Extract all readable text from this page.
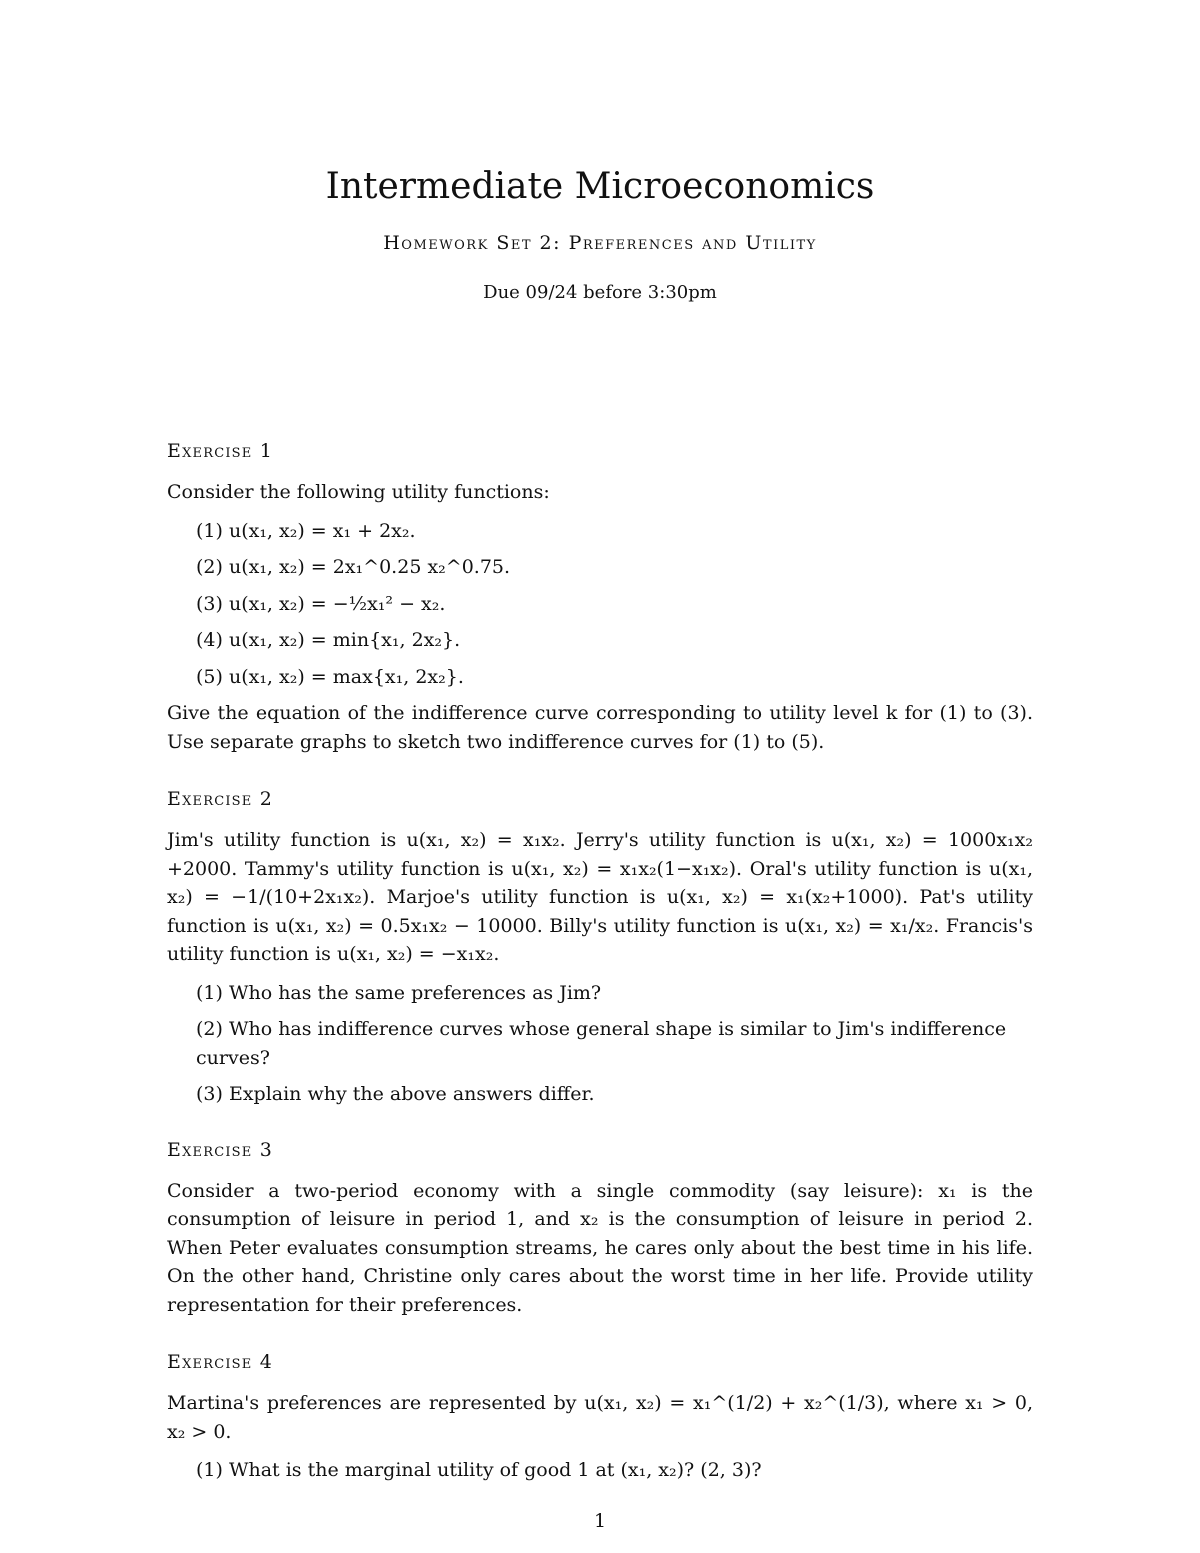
Intermediate Microeconomics
Homework Set 2: Preferences and Utility
Due 09/24 before 3:30pm
Exercise 1
Consider the following utility functions:
(1) u(x₁, x₂) = x₁ + 2x₂.
(2) u(x₁, x₂) = 2x₁^0.25 x₂^0.75.
(3) u(x₁, x₂) = −½x₁² − x₂.
(4) u(x₁, x₂) = min{x₁, 2x₂}.
(5) u(x₁, x₂) = max{x₁, 2x₂}.
Give the equation of the indifference curve corresponding to utility level k for (1) to (3). Use separate graphs to sketch two indifference curves for (1) to (5).
Exercise 2
Jim's utility function is u(x₁, x₂) = x₁x₂. Jerry's utility function is u(x₁, x₂) = 1000x₁x₂ +2000. Tammy's utility function is u(x₁, x₂) = x₁x₂(1−x₁x₂). Oral's utility function is u(x₁, x₂) = −1/(10+2x₁x₂). Marjoe's utility function is u(x₁, x₂) = x₁(x₂+1000). Pat's utility function is u(x₁, x₂) = 0.5x₁x₂ − 10000. Billy's utility function is u(x₁, x₂) = x₁/x₂. Francis's utility function is u(x₁, x₂) = −x₁x₂.
(1) Who has the same preferences as Jim?
(2) Who has indifference curves whose general shape is similar to Jim's indifference curves?
(3) Explain why the above answers differ.
Exercise 3
Consider a two-period economy with a single commodity (say leisure): x₁ is the consumption of leisure in period 1, and x₂ is the consumption of leisure in period 2. When Peter evaluates consumption streams, he cares only about the best time in his life. On the other hand, Christine only cares about the worst time in her life. Provide utility representation for their preferences.
Exercise 4
Martina's preferences are represented by u(x₁, x₂) = x₁^(1/2) + x₂^(1/3), where x₁ > 0, x₂ > 0.
(1) What is the marginal utility of good 1 at (x₁, x₂)? (2, 3)?
1
